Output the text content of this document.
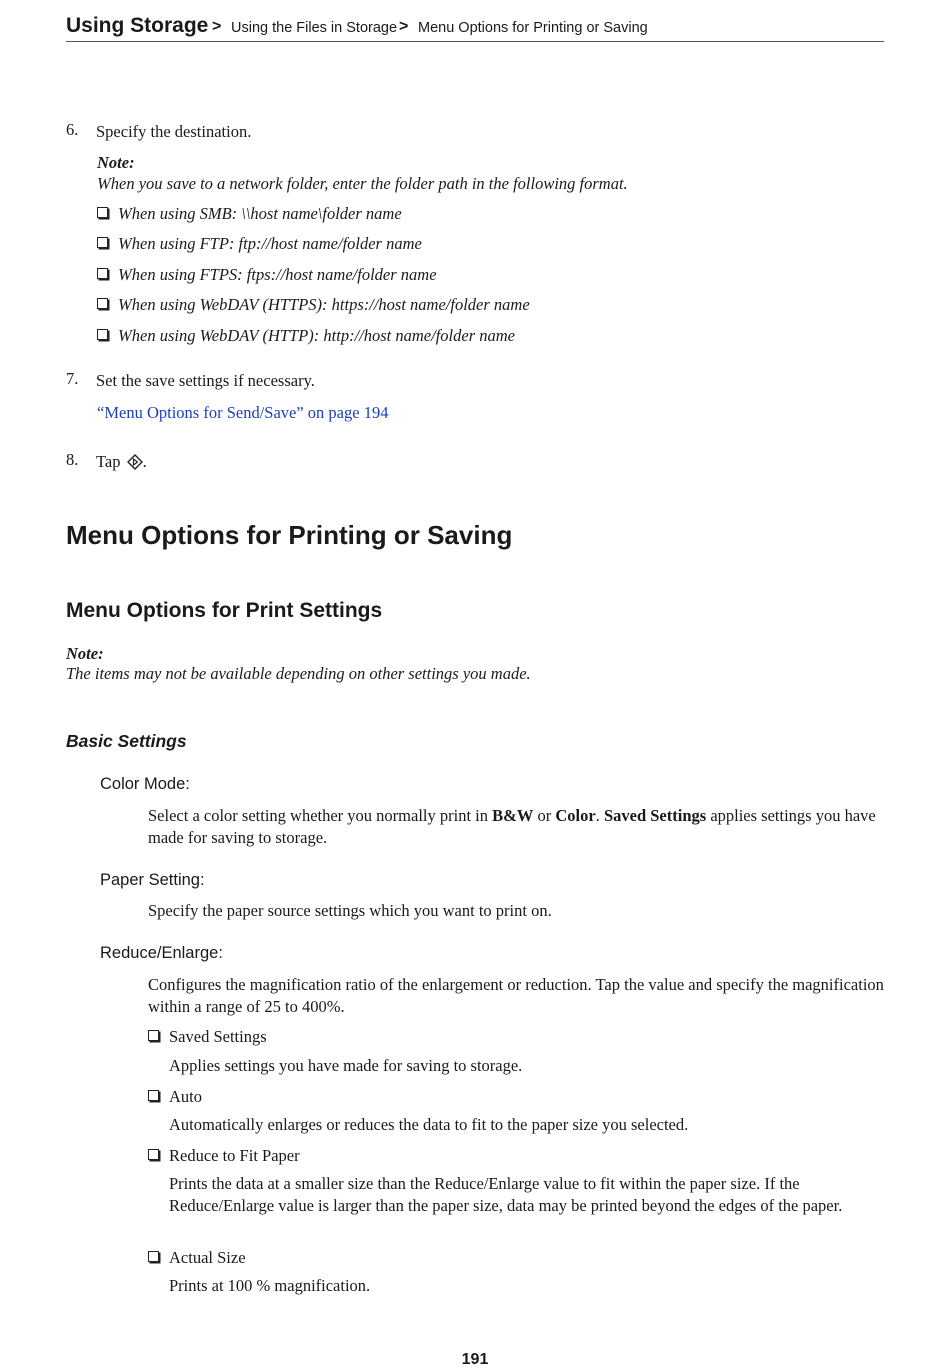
Using Storage > Using the Files in Storage > Menu Options for Printing or Saving
6. Specify the destination.
Note:
When you save to a network folder, enter the folder path in the following format.
When using SMB: \\host name\folder name
When using FTP: ftp://host name/folder name
When using FTPS: ftps://host name/folder name
When using WebDAV (HTTPS): https://host name/folder name
When using WebDAV (HTTP): http://host name/folder name
7. Set the save settings if necessary.
“Menu Options for Send/Save” on page 194
8. Tap .
Menu Options for Printing or Saving
Menu Options for Print Settings
Note:
The items may not be available depending on other settings you made.
Basic Settings
Color Mode:
Select a color setting whether you normally print in B&W or Color. Saved Settings applies settings you have made for saving to storage.
Paper Setting:
Specify the paper source settings which you want to print on.
Reduce/Enlarge:
Configures the magnification ratio of the enlargement or reduction. Tap the value and specify the magnification within a range of 25 to 400%.
Saved Settings
Applies settings you have made for saving to storage.
Auto
Automatically enlarges or reduces the data to fit to the paper size you selected.
Reduce to Fit Paper
Prints the data at a smaller size than the Reduce/Enlarge value to fit within the paper size. If the Reduce/Enlarge value is larger than the paper size, data may be printed beyond the edges of the paper.
Actual Size
Prints at 100 % magnification.
191
